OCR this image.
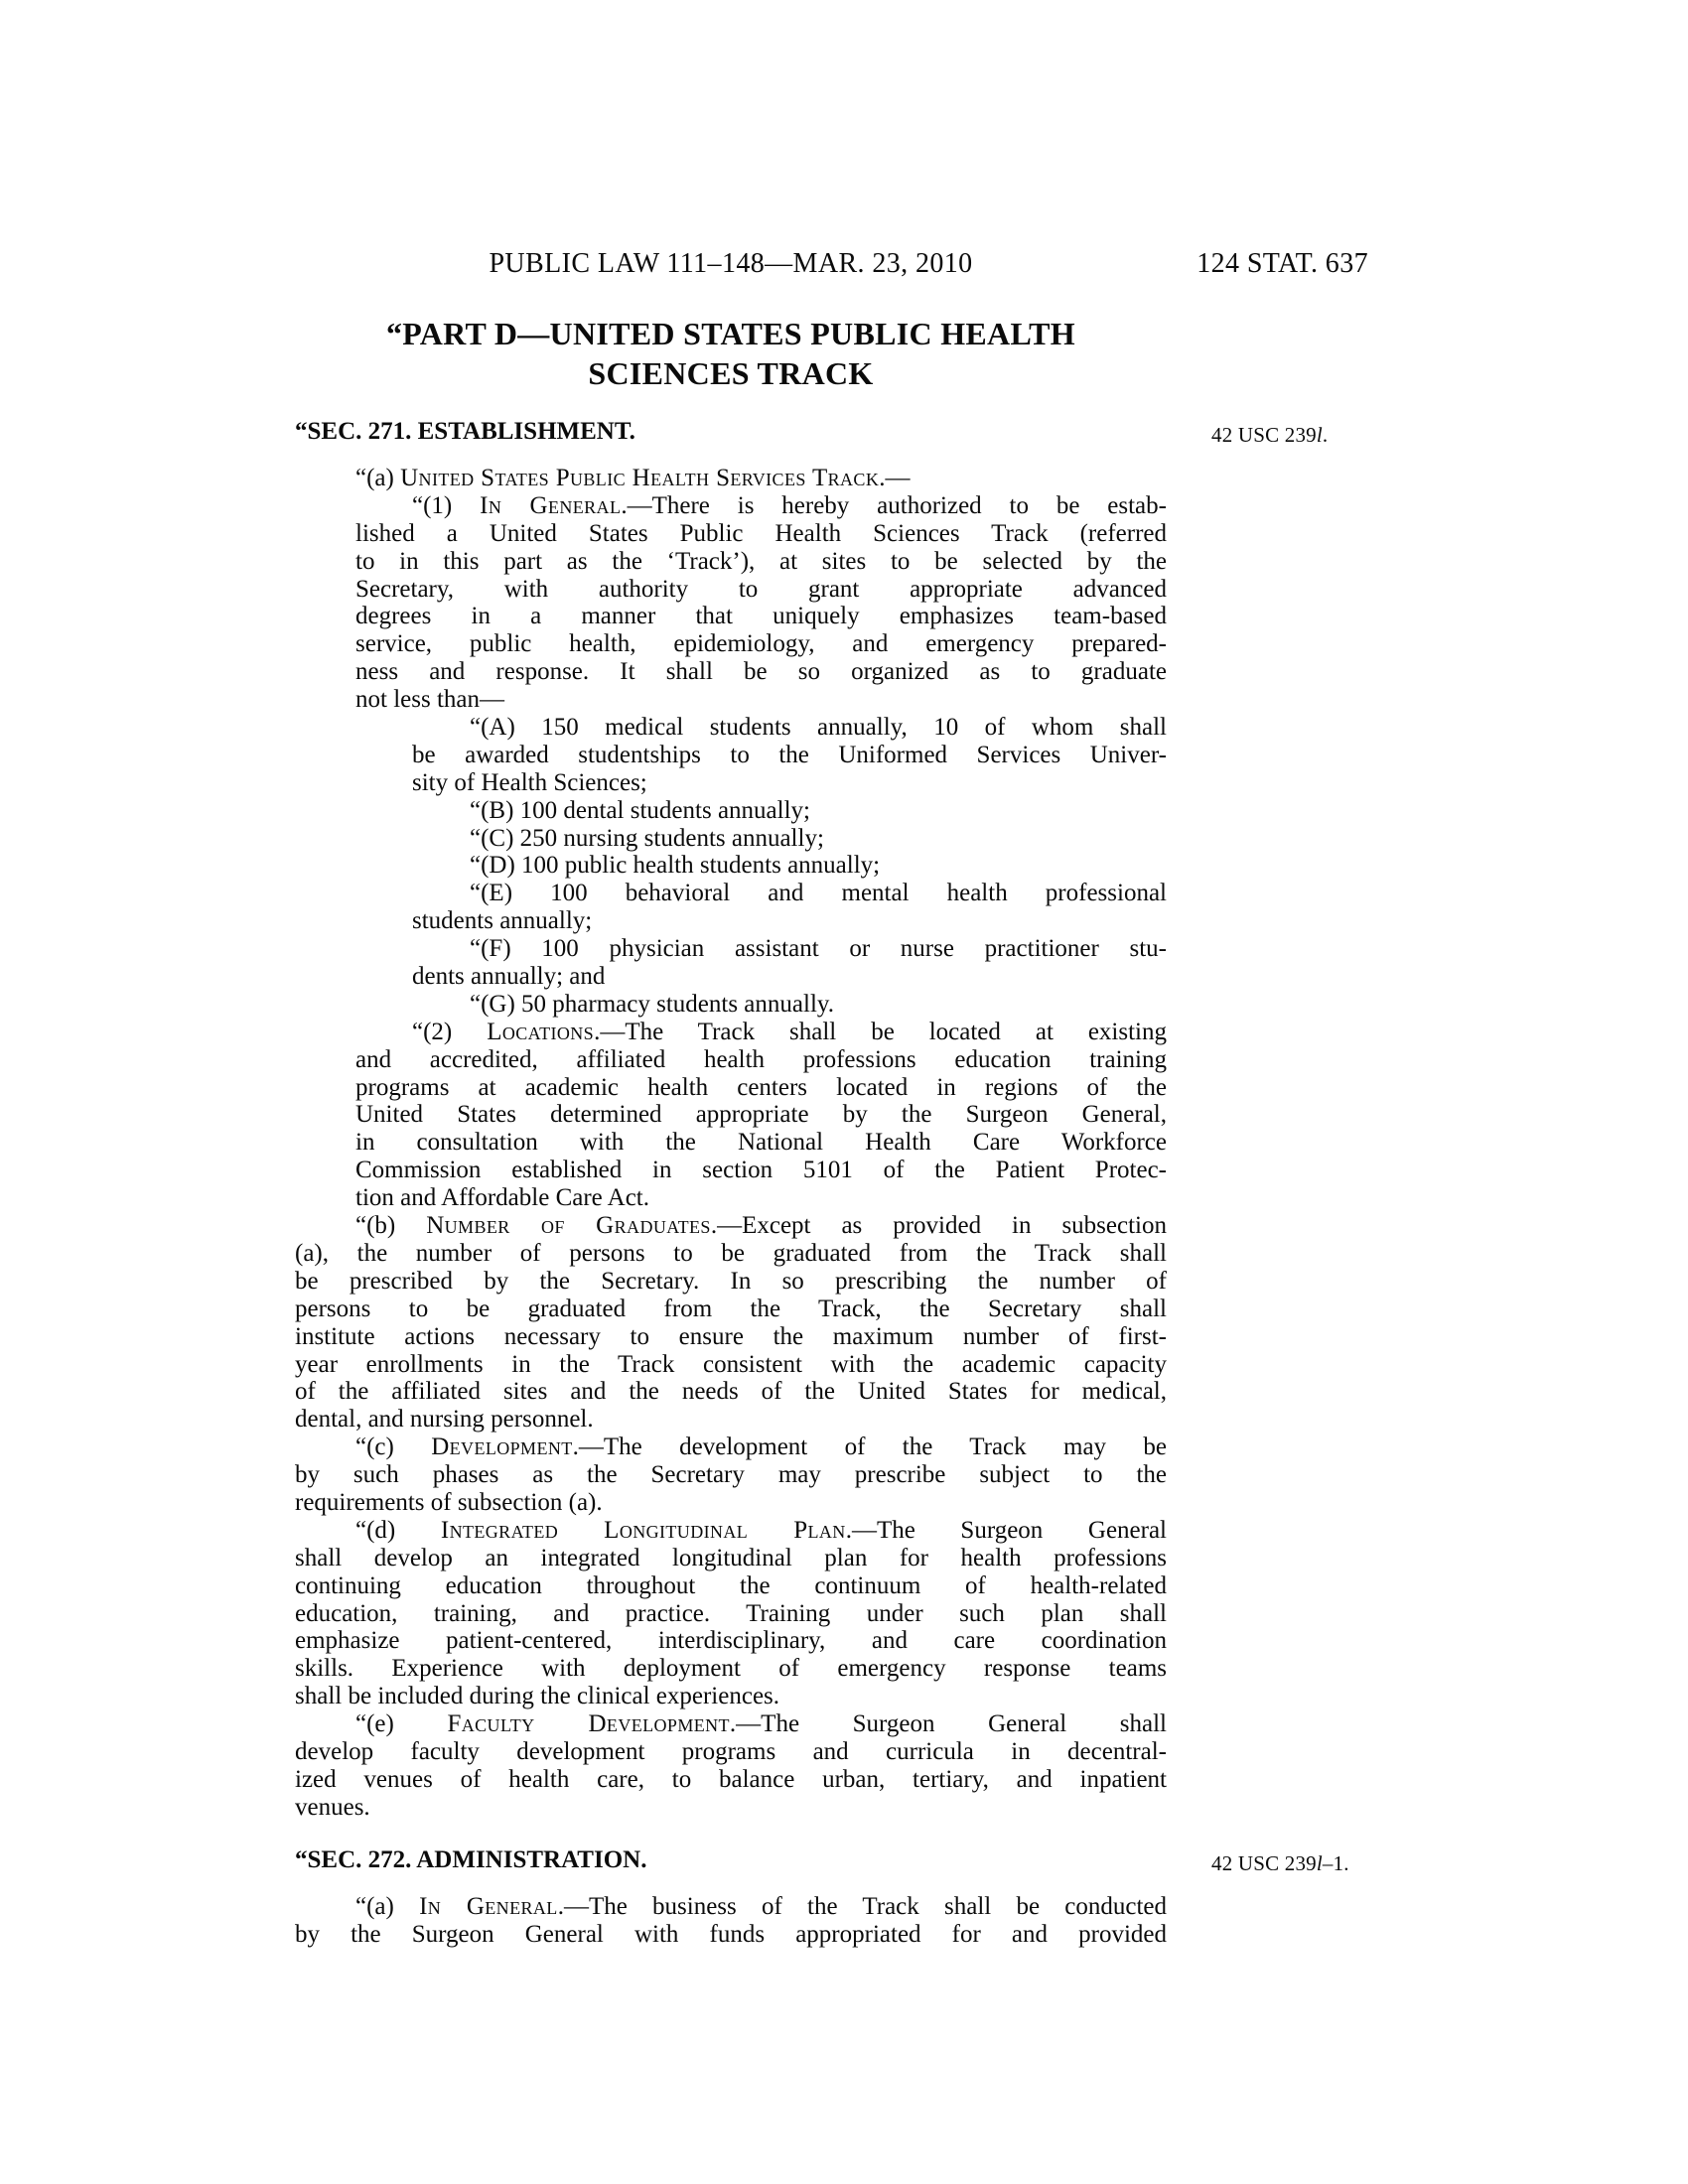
PUBLIC LAW 111–148—MAR. 23, 2010	124 STAT. 637
“PART D—UNITED STATES PUBLIC HEALTH
SCIENCES TRACK
“SEC. 271. ESTABLISHMENT.	42 USC 239l.
“(a) United States Public Health Services Track.—
“(1) In General.—There is hereby authorized to be estab-
lished a United States Public Health Sciences Track (referred
to in this part as the ‘Track’), at sites to be selected by the
Secretary, with authority to grant appropriate advanced
degrees in a manner that uniquely emphasizes team-based
service, public health, epidemiology, and emergency prepared-
ness and response. It shall be so organized as to graduate
not less than—
“(A) 150 medical students annually, 10 of whom shall
be awarded studentships to the Uniformed Services Univer-
sity of Health Sciences;
“(B) 100 dental students annually;
“(C) 250 nursing students annually;
“(D) 100 public health students annually;
“(E) 100 behavioral and mental health professional
students annually;
“(F) 100 physician assistant or nurse practitioner stu-
dents annually; and
“(G) 50 pharmacy students annually.
“(2) Locations.—The Track shall be located at existing
and accredited, affiliated health professions education training
programs at academic health centers located in regions of the
United States determined appropriate by the Surgeon General,
in consultation with the National Health Care Workforce
Commission established in section 5101 of the Patient Protec-
tion and Affordable Care Act.
“(b) Number of Graduates.—Except as provided in subsection
(a), the number of persons to be graduated from the Track shall
be prescribed by the Secretary. In so prescribing the number of
persons to be graduated from the Track, the Secretary shall
institute actions necessary to ensure the maximum number of first-
year enrollments in the Track consistent with the academic capacity
of the affiliated sites and the needs of the United States for medical,
dental, and nursing personnel.
“(c) Development.—The development of the Track may be
by such phases as the Secretary may prescribe subject to the
requirements of subsection (a).
“(d) Integrated Longitudinal Plan.—The Surgeon General
shall develop an integrated longitudinal plan for health professions
continuing education throughout the continuum of health-related
education, training, and practice. Training under such plan shall
emphasize patient-centered, interdisciplinary, and care coordination
skills. Experience with deployment of emergency response teams
shall be included during the clinical experiences.
“(e) Faculty Development.—The Surgeon General shall
develop faculty development programs and curricula in decentral-
ized venues of health care, to balance urban, tertiary, and inpatient
venues.
“SEC. 272. ADMINISTRATION.	42 USC 239l–1.
“(a) In General.—The business of the Track shall be conducted
by the Surgeon General with funds appropriated for and provided
